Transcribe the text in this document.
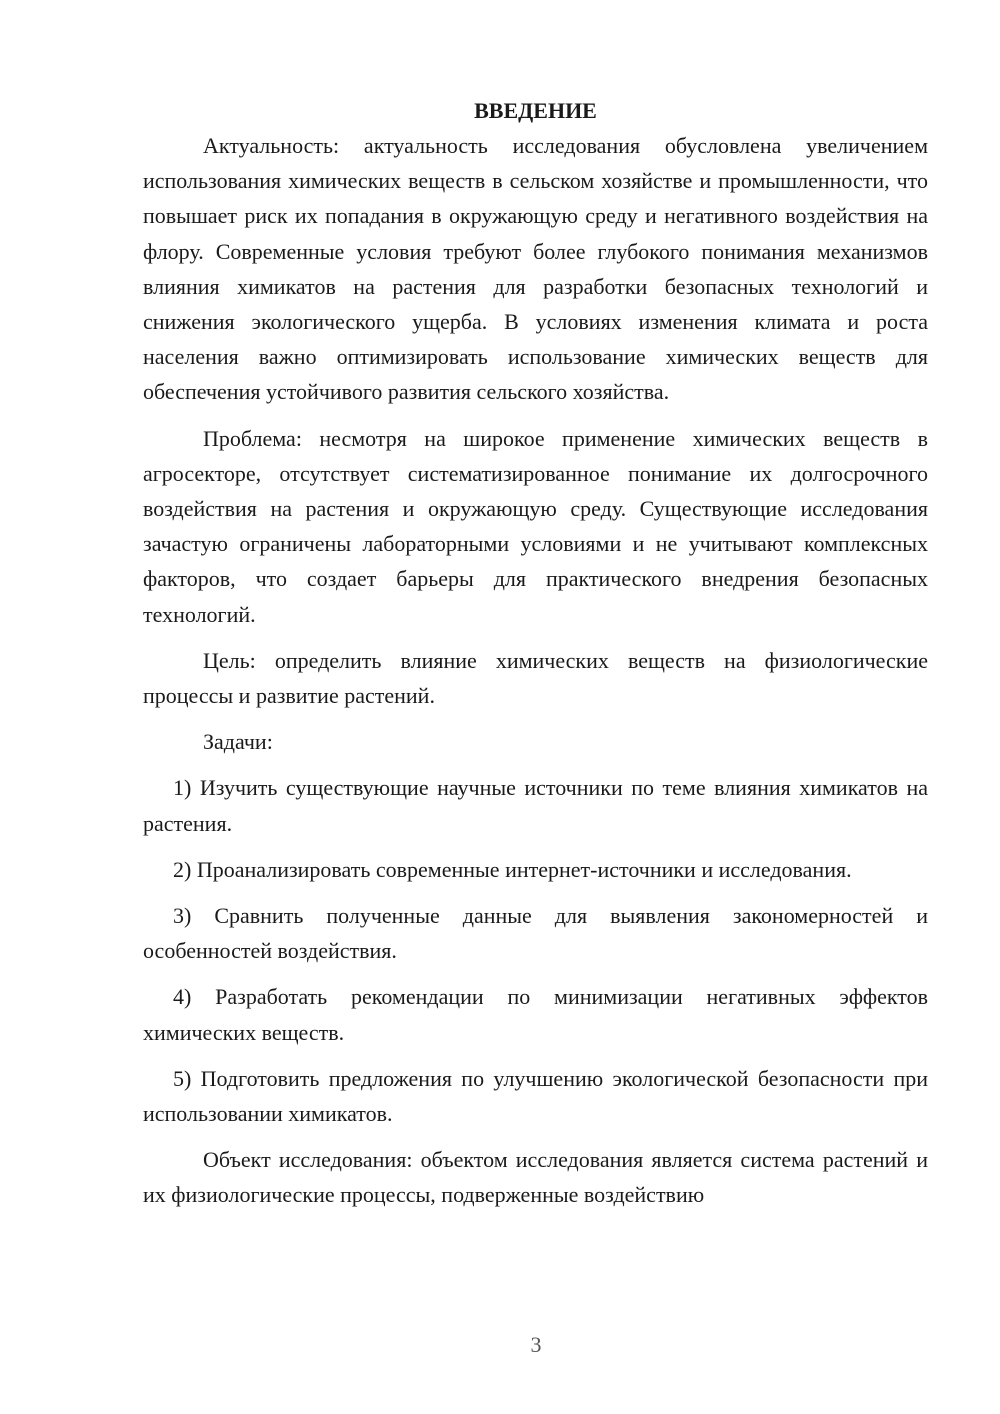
ВВЕДЕНИЕ

Актуальность: актуальность исследования обусловлена увеличением использования химических веществ в сельском хозяйстве и промышленности, что повышает риск их попадания в окружающую среду и негативного воздействия на флору. Современные условия требуют более глубокого понимания механизмов влияния химикатов на растения для разработки безопасных технологий и снижения экологического ущерба. В условиях изменения климата и роста населения важно оптимизировать использование химических веществ для обеспечения устойчивого развития сельского хозяйства.

Проблема: несмотря на широкое применение химических веществ в агросекторе, отсутствует систематизированное понимание их долгосрочного воздействия на растения и окружающую среду. Существующие исследования зачастую ограничены лабораторными условиями и не учитывают комплексных факторов, что создает барьеры для практического внедрения безопасных технологий.

Цель: определить влияние химических веществ на физиологические процессы и развитие растений.

Задачи:

1) Изучить существующие научные источники по теме влияния химикатов на растения.

2) Проанализировать современные интернет-источники и исследования.

3) Сравнить полученные данные для выявления закономерностей и особенностей воздействия.

4) Разработать рекомендации по минимизации негативных эффектов химических веществ.

5) Подготовить предложения по улучшению экологической безопасности при использовании химикатов.

Объект исследования: объектом исследования является система растений и их физиологические процессы, подверженные воздействию

3
